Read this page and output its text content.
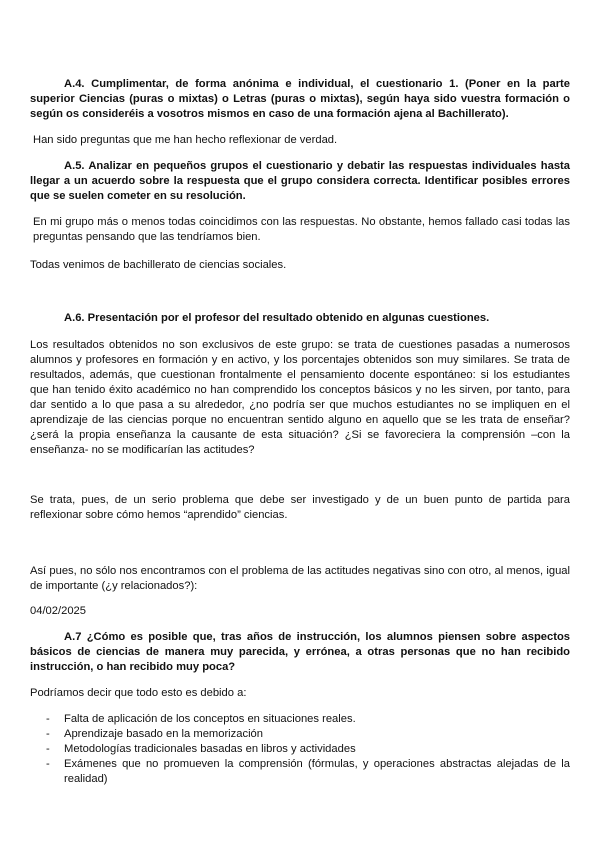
A.4. Cumplimentar, de forma anónima e individual, el cuestionario 1. (Poner en la parte superior Ciencias (puras o mixtas) o Letras (puras o mixtas), según haya sido vuestra formación o según os consideréis a vosotros mismos en caso de una formación ajena al Bachillerato).

Han sido preguntas que me han hecho reflexionar de verdad.

A.5. Analizar en pequeños grupos el cuestionario y debatir las respuestas individuales hasta llegar a un acuerdo sobre la respuesta que el grupo considera correcta. Identificar posibles errores que se suelen cometer en su resolución.

En mi grupo más o menos todas coincidimos con las respuestas. No obstante, hemos fallado casi todas las preguntas pensando que las tendríamos bien.

Todas venimos de bachillerato de ciencias sociales.

A.6. Presentación por el profesor del resultado obtenido en algunas cuestiones.

Los resultados obtenidos no son exclusivos de este grupo: se trata de cuestiones pasadas a numerosos alumnos y profesores en formación y en activo, y los porcentajes obtenidos son muy similares. Se trata de resultados, además, que cuestionan frontalmente el pensamiento docente espontáneo: si los estudiantes que han tenido éxito académico no han comprendido los conceptos básicos y no les sirven, por tanto, para dar sentido a lo que pasa a su alrededor, ¿no podría ser que muchos estudiantes no se impliquen en el aprendizaje de las ciencias porque no encuentran sentido alguno en aquello que se les trata de enseñar? ¿será la propia enseñanza la causante de esta situación? ¿Si se favoreciera la comprensión –con la enseñanza- no se modificarían las actitudes?

Se trata, pues, de un serio problema que debe ser investigado y de un buen punto de partida para reflexionar sobre cómo hemos “aprendido” ciencias.

Así pues, no sólo nos encontramos con el problema de las actitudes negativas sino con otro, al menos, igual de importante (¿y relacionados?):

04/02/2025

A.7 ¿Cómo es posible que, tras años de instrucción, los alumnos piensen sobre aspectos básicos de ciencias de manera muy parecida, y errónea, a otras personas que no han recibido instrucción, o han recibido muy poca?

Podríamos decir que todo esto es debido a:

- Falta de aplicación de los conceptos en situaciones reales.
- Aprendizaje basado en la memorización
- Metodologías tradicionales basadas en libros y actividades
- Exámenes que no promueven la comprensión (fórmulas, y operaciones abstractas alejadas de la realidad)
